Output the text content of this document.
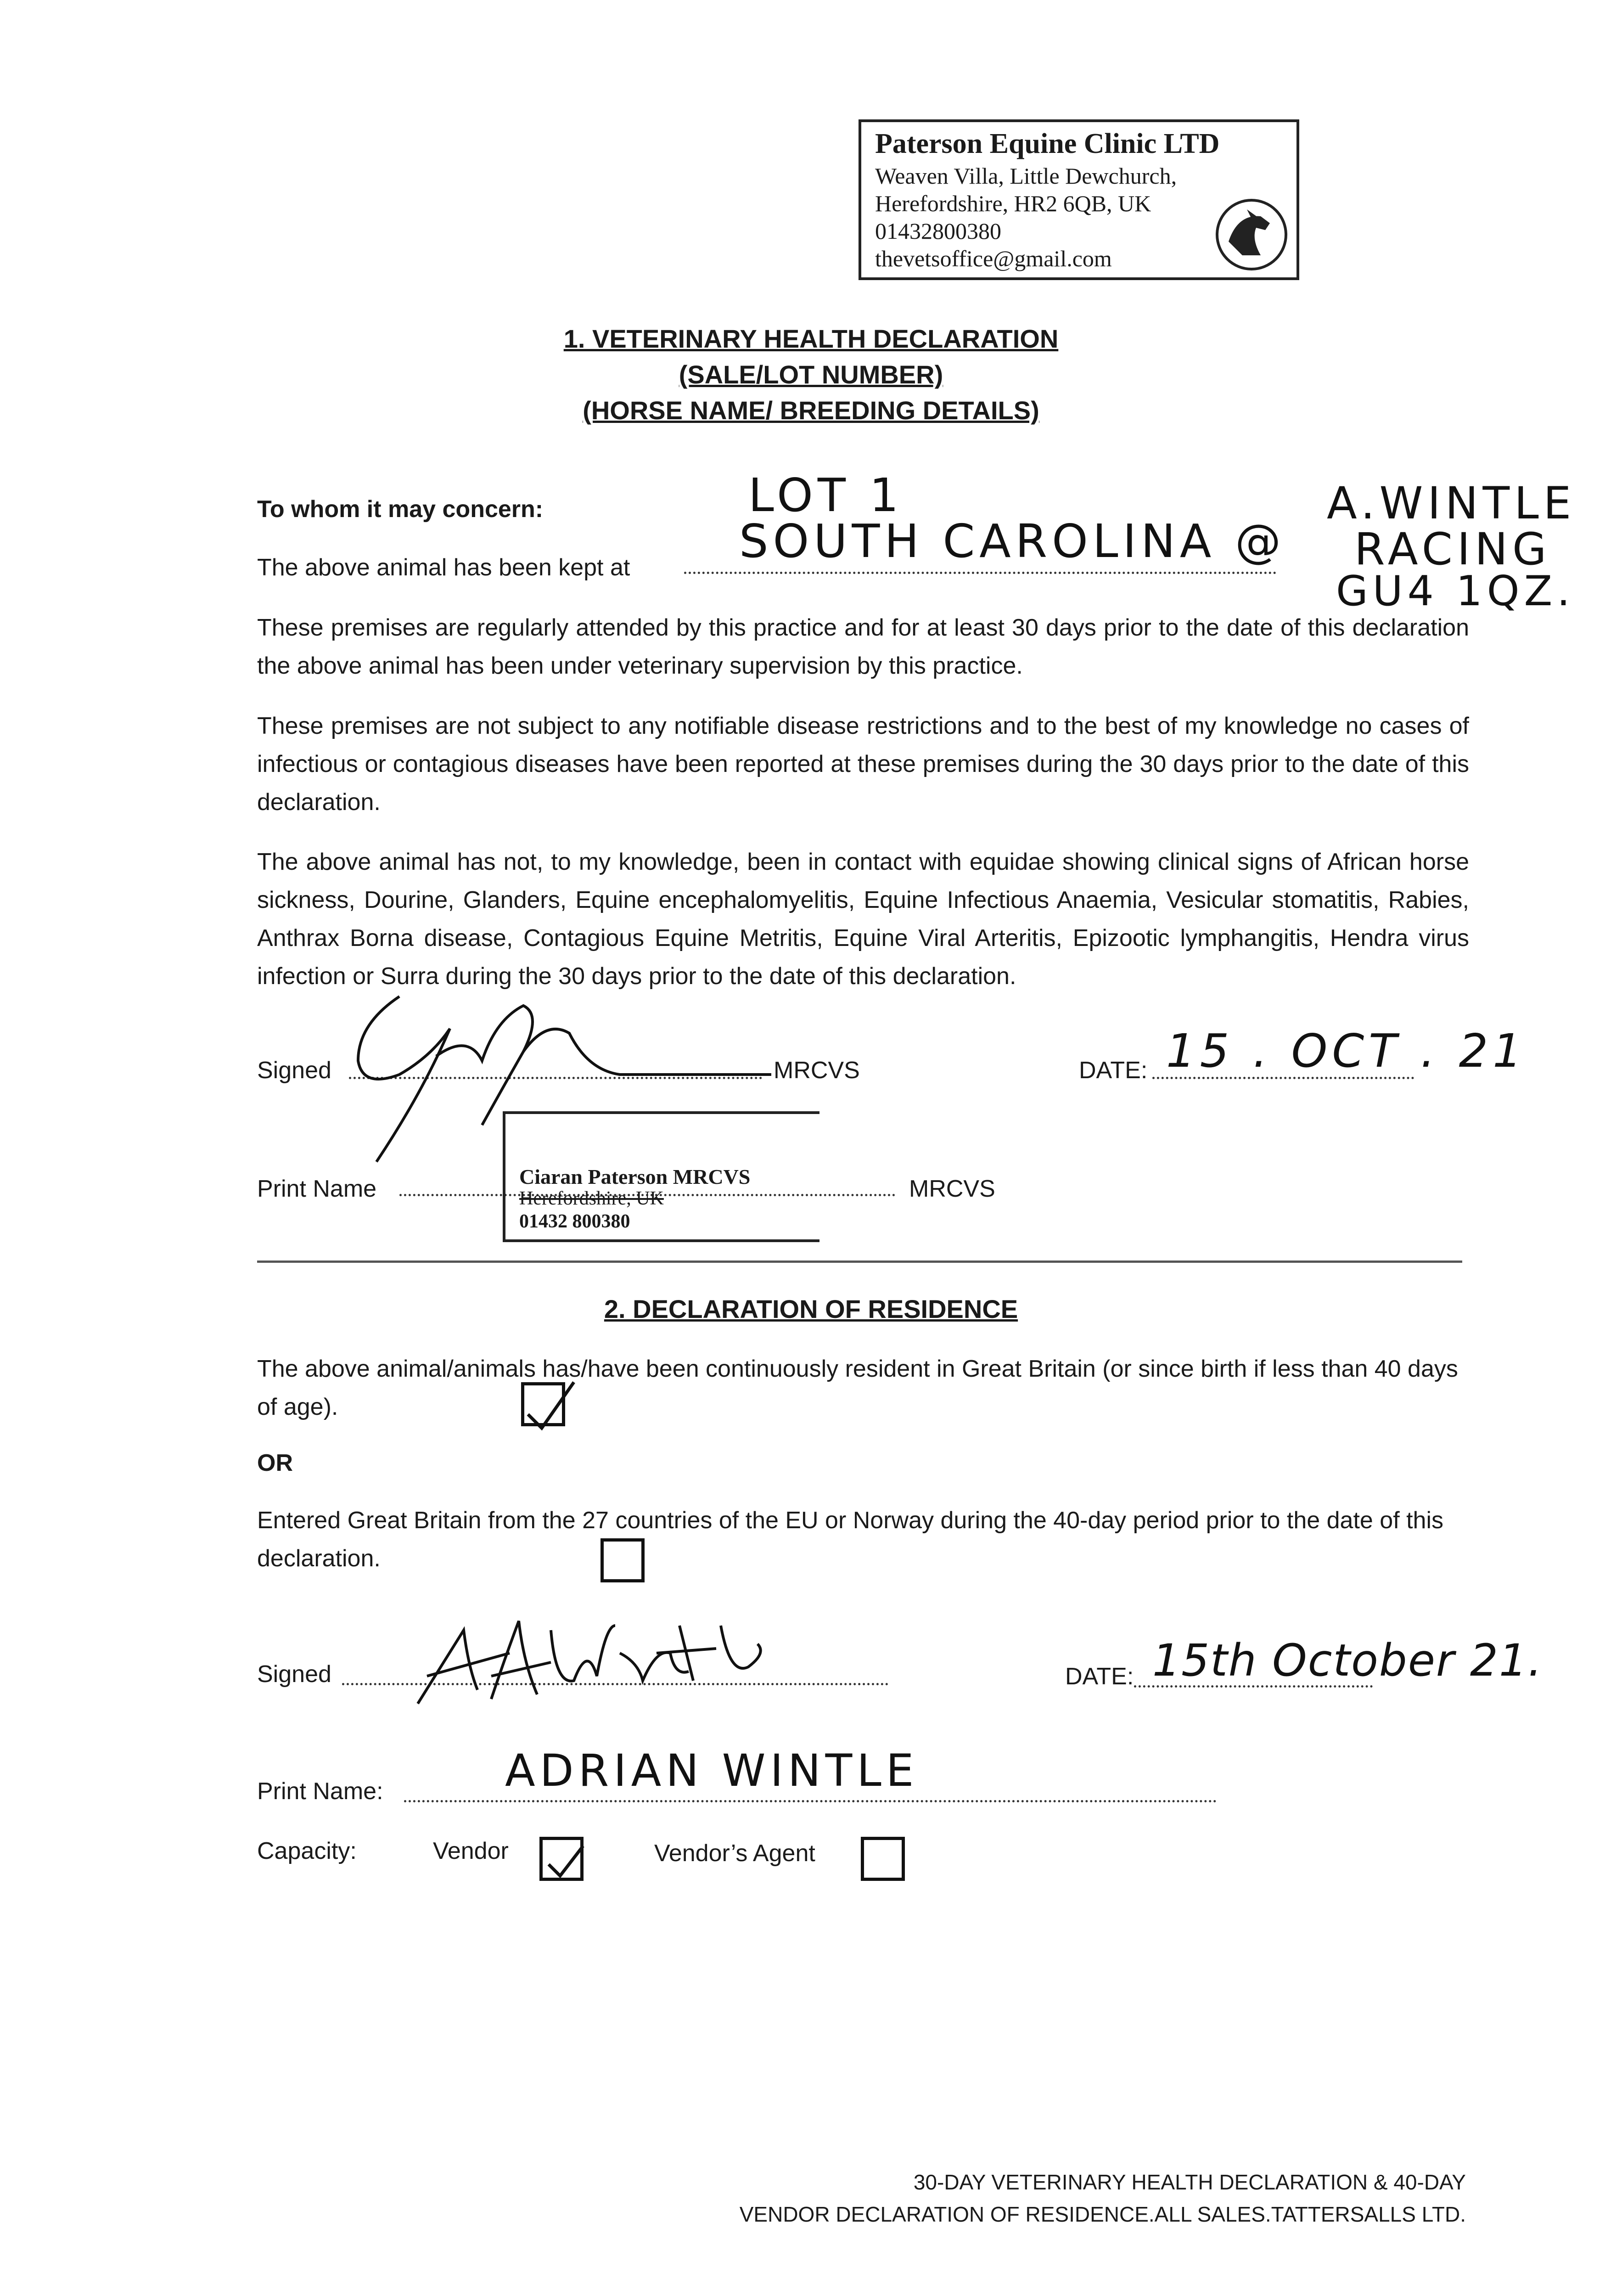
Paterson Equine Clinic LTD
Weaven Villa, Little Dewchurch,
Herefordshire, HR2 6QB, UK
01432800380
thevetsoffice@gmail.com
1. VETERINARY HEALTH DECLARATION
(SALE/LOT NUMBER)
(HORSE NAME/ BREEDING DETAILS)
To whom it may concern:	LOT 1
The above animal has been kept at SOUTH CAROLINA @
A.WINTLE
RACING
GU4 1QZ.
These premises are regularly attended by this practice and for at least 30 days prior to the date of this declaration the above animal has been under veterinary supervision by this practice.
These premises are not subject to any notifiable disease restrictions and to the best of my knowledge no cases of infectious or contagious diseases have been reported at these premises during the 30 days prior to the date of this declaration.
The above animal has not, to my knowledge, been in contact with equidae showing clinical signs of African horse sickness, Dourine, Glanders, Equine encephalomyelitis, Equine Infectious Anaemia, Vesicular stomatitis, Rabies, Anthrax Borna disease, Contagious Equine Metritis, Equine Viral Arteritis, Epizootic lymphangitis, Hendra virus infection or Surra during the 30 days prior to the date of this declaration.
Signed	MRCVS	DATE: 15 . OCT . 21
Print Name	MRCVS
Ciaran Paterson MRCVS
Herefordshire, UK
01432 800380
2. DECLARATION OF RESIDENCE
The above animal/animals has/have been continuously resident in Great Britain (or since birth if less than 40 days of age).
OR
Entered Great Britain from the 27 countries of the EU or Norway during the 40-day period prior to the date of this declaration.
Signed	DATE: 15th October 21.
Print Name:	ADRIAN WINTLE
Capacity:	Vendor	Vendor’s Agent
30-DAY VETERINARY HEALTH DECLARATION & 40-DAY
VENDOR DECLARATION OF RESIDENCE.ALL SALES.TATTERSALLS LTD.
